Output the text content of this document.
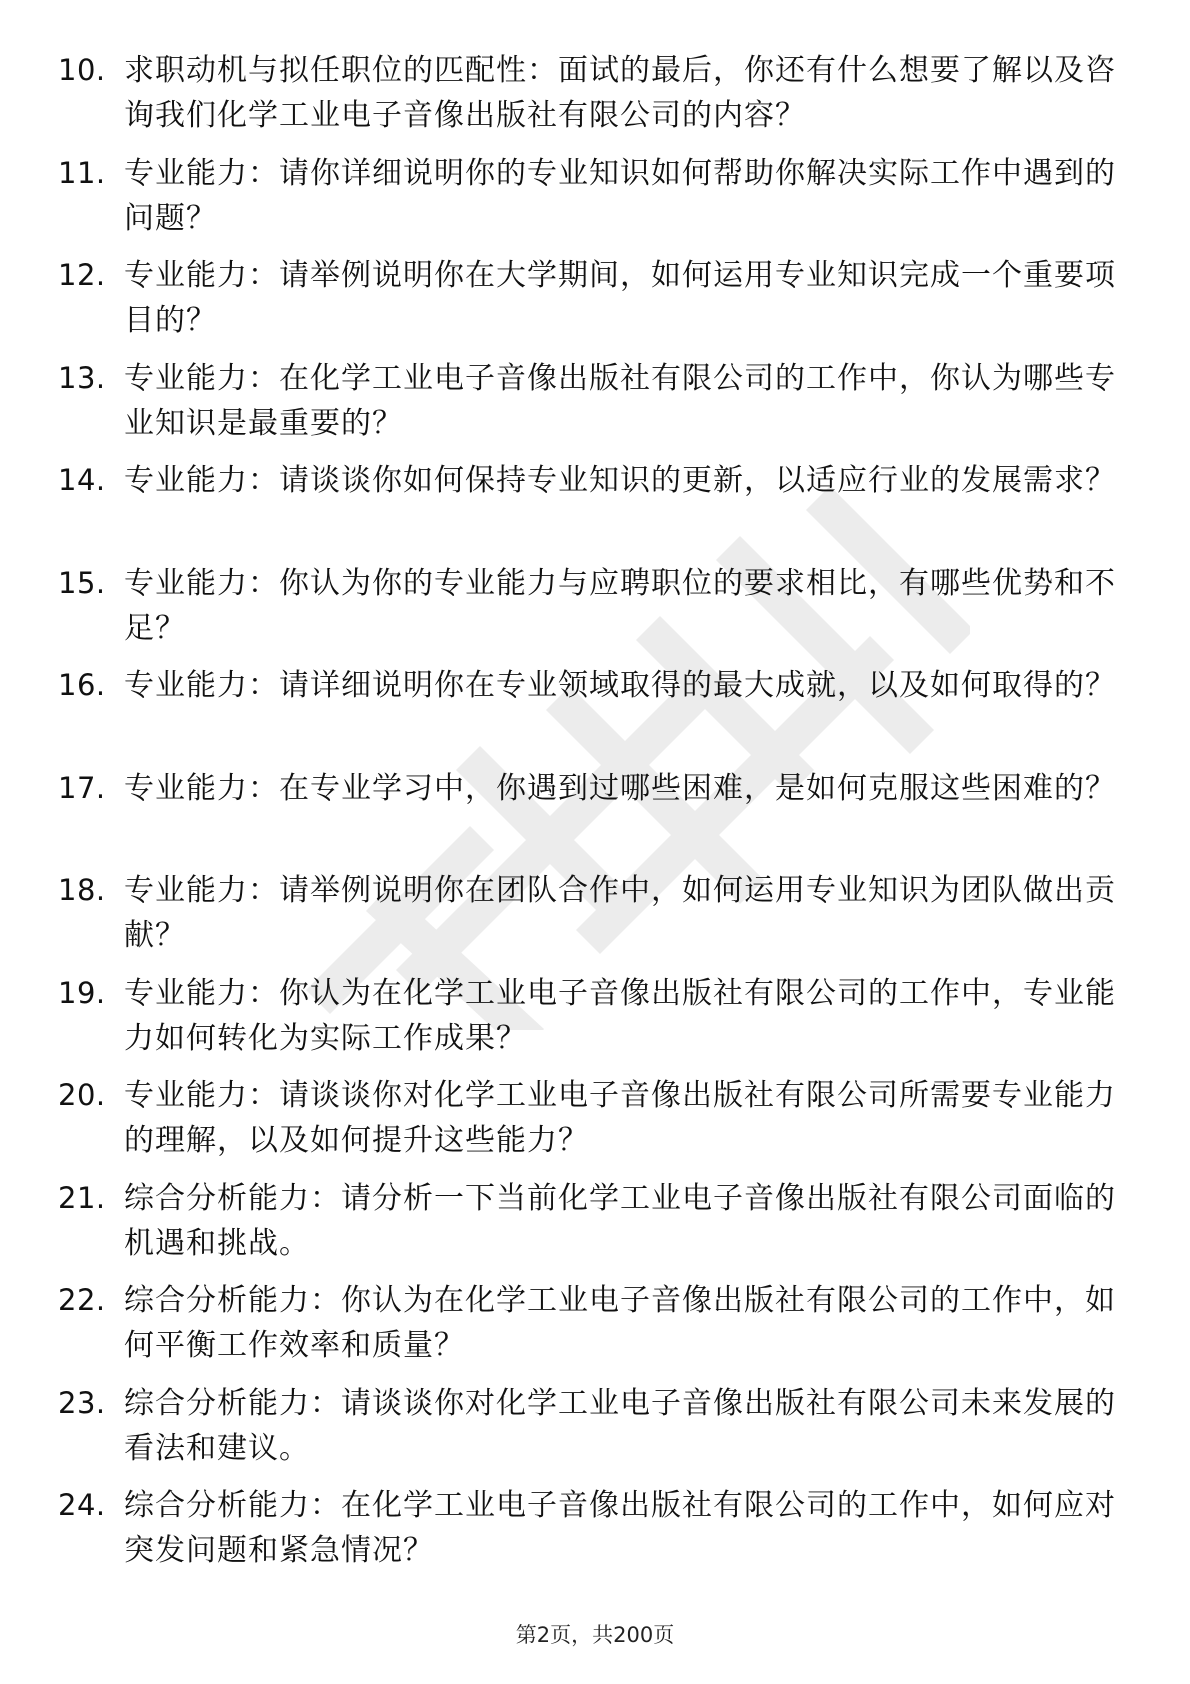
10. 求职动机与拟任职位的匹配性：面试的最后，你还有什么想要了解以及咨询我们化学工业电子音像出版社有限公司的内容？
11. 专业能力：请你详细说明你的专业知识如何帮助你解决实际工作中遇到的问题？
12. 专业能力：请举例说明你在大学期间，如何运用专业知识完成一个重要项目的？
13. 专业能力：在化学工业电子音像出版社有限公司的工作中，你认为哪些专业知识是最重要的？
14. 专业能力：请谈谈你如何保持专业知识的更新，以适应行业的发展需求？
15. 专业能力：你认为你的专业能力与应聘职位的要求相比，有哪些优势和不足？
16. 专业能力：请详细说明你在专业领域取得的最大成就，以及如何取得的？
17. 专业能力：在专业学习中，你遇到过哪些困难，是如何克服这些困难的？
18. 专业能力：请举例说明你在团队合作中，如何运用专业知识为团队做出贡献？
19. 专业能力：你认为在化学工业电子音像出版社有限公司的工作中，专业能力如何转化为实际工作成果？
20. 专业能力：请谈谈你对化学工业电子音像出版社有限公司所需要专业能力的理解，以及如何提升这些能力？
21. 综合分析能力：请分析一下当前化学工业电子音像出版社有限公司面临的机遇和挑战。
22. 综合分析能力：你认为在化学工业电子音像出版社有限公司的工作中，如何平衡工作效率和质量？
23. 综合分析能力：请谈谈你对化学工业电子音像出版社有限公司未来发展的看法和建议。
24. 综合分析能力：在化学工业电子音像出版社有限公司的工作中，如何应对突发问题和紧急情况？
第2页，共200页
